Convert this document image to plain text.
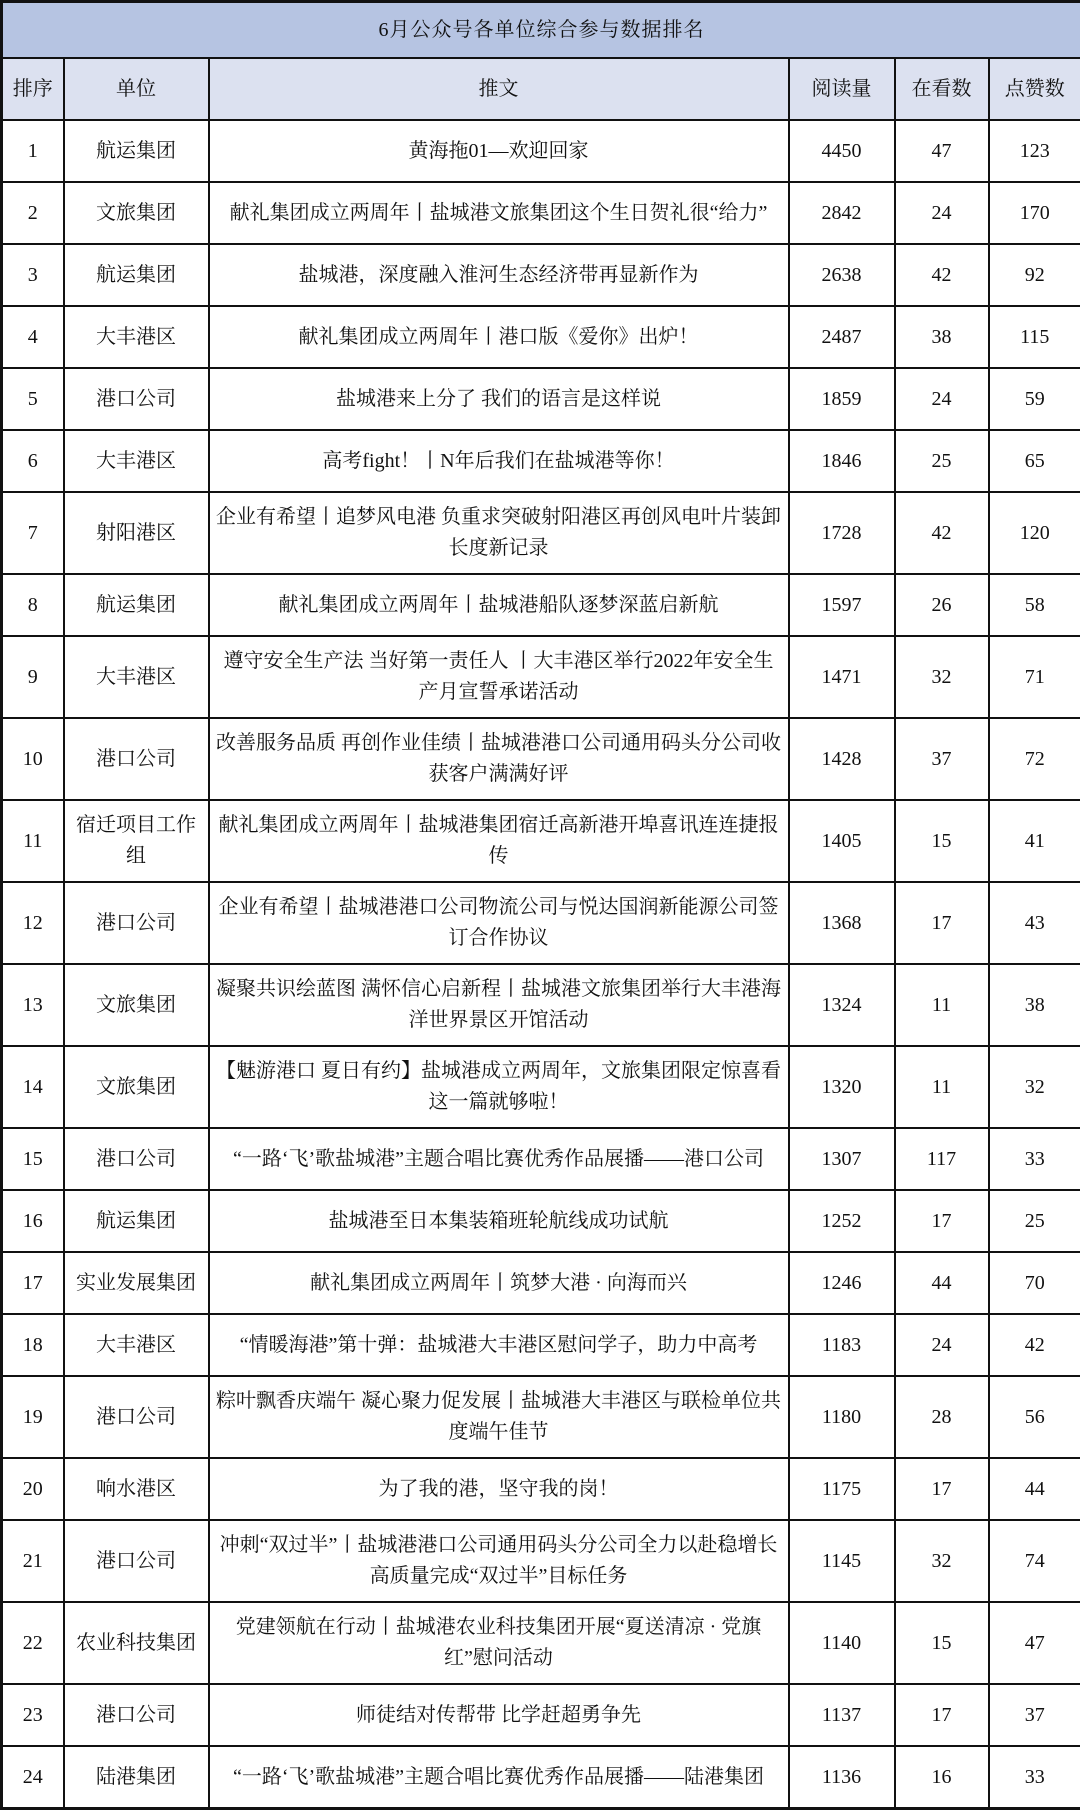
6月公众号各单位综合参与数据排名					
排序	单位	推文	阅读量	在看数	点赞数
1	航运集团	黄海拖01—欢迎回家	4450	47	123
2	文旅集团	献礼集团成立两周年丨盐城港文旅集团这个生日贺礼很“给力”	2842	24	170
3	航运集团	盐城港，深度融入淮河生态经济带再显新作为	2638	42	92
4	大丰港区	献礼集团成立两周年丨港口版《爱你》出炉！	2487	38	115
5	港口公司	盐城港来上分了 我们的语言是这样说	1859	24	59
6	大丰港区	高考fight！丨N年后我们在盐城港等你！	1846	25	65
7	射阳港区	企业有希望丨追梦风电港 负重求突破射阳港区再创风电叶片装卸长度新记录	1728	42	120
8	航运集团	献礼集团成立两周年丨盐城港船队逐梦深蓝启新航	1597	26	58
9	大丰港区	遵守安全生产法 当好第一责任人 丨大丰港区举行2022年安全生产月宣誓承诺活动	1471	32	71
10	港口公司	改善服务品质 再创作业佳绩丨盐城港港口公司通用码头分公司收获客户满满好评	1428	37	72
11	宿迁项目工作组	献礼集团成立两周年丨盐城港集团宿迁高新港开埠喜讯连连捷报传	1405	15	41
12	港口公司	企业有希望丨盐城港港口公司物流公司与悦达国润新能源公司签订合作协议	1368	17	43
13	文旅集团	凝聚共识绘蓝图 满怀信心启新程丨盐城港文旅集团举行大丰港海洋世界景区开馆活动	1324	11	38
14	文旅集团	【魅游港口 夏日有约】盐城港成立两周年，文旅集团限定惊喜看这一篇就够啦！	1320	11	32
15	港口公司	“一路‘飞’歌盐城港”主题合唱比赛优秀作品展播——港口公司	1307	117	33
16	航运集团	盐城港至日本集装箱班轮航线成功试航	1252	17	25
17	实业发展集团	献礼集团成立两周年丨筑梦大港 · 向海而兴	1246	44	70
18	大丰港区	“情暖海港”第十弹：盐城港大丰港区慰问学子，助力中高考	1183	24	42
19	港口公司	粽叶飘香庆端午 凝心聚力促发展丨盐城港大丰港区与联检单位共度端午佳节	1180	28	56
20	响水港区	为了我的港，坚守我的岗！	1175	17	44
21	港口公司	冲刺“双过半”丨盐城港港口公司通用码头分公司全力以赴稳增长 高质量完成“双过半”目标任务	1145	32	74
22	农业科技集团	党建领航在行动丨盐城港农业科技集团开展“夏送清凉 · 党旗红”慰问活动	1140	15	47
23	港口公司	师徒结对传帮带 比学赶超勇争先	1137	17	37
24	陆港集团	“一路‘飞’歌盐城港”主题合唱比赛优秀作品展播——陆港集团	1136	16	33
